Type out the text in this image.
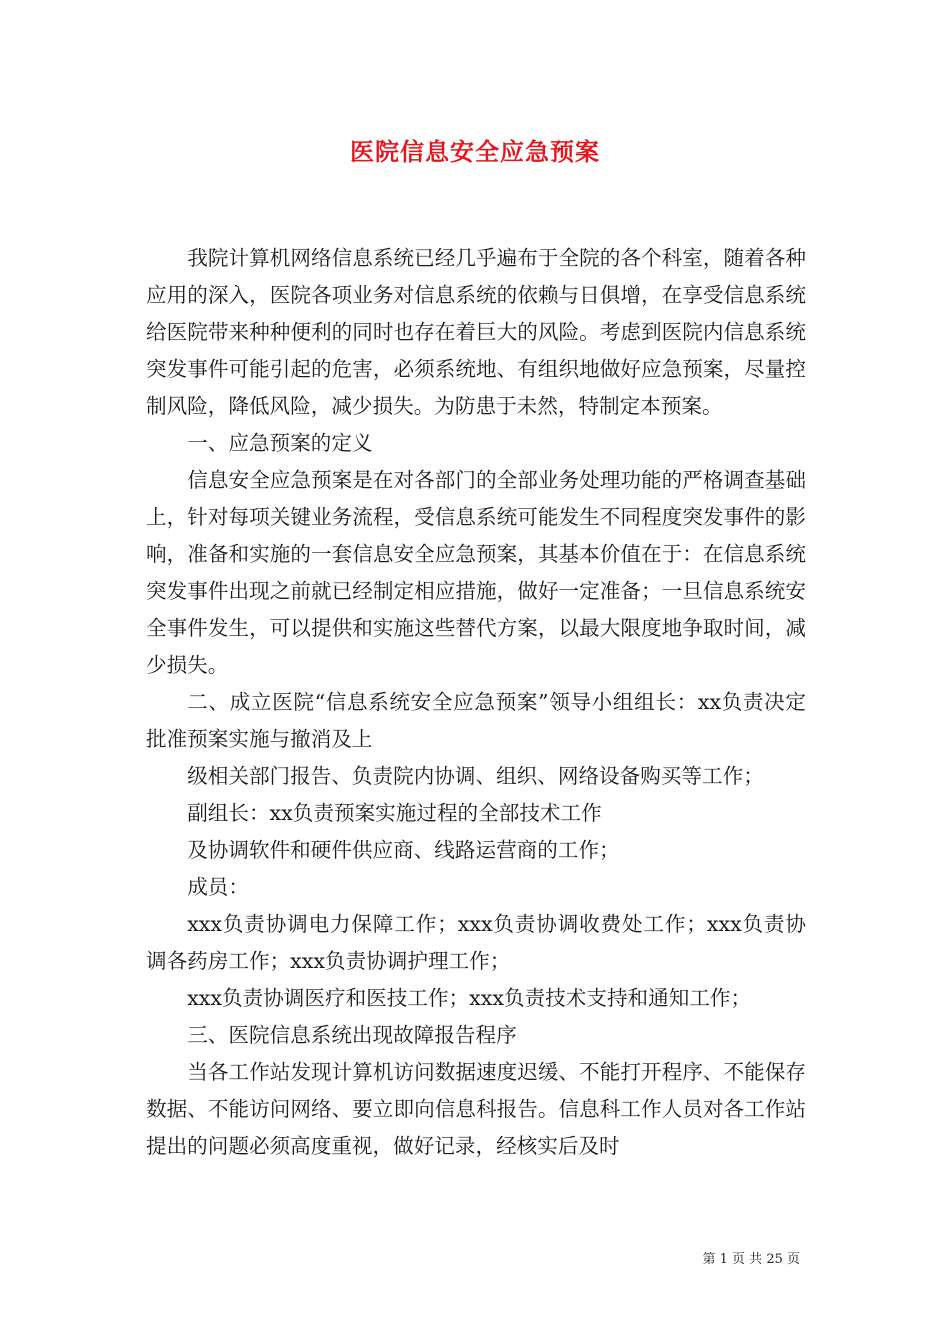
医院信息安全应急预案

我院计算机网络信息系统已经几乎遍布于全院的各个科室，随着各种应用的深入，医院各项业务对信息系统的依赖与日俱增，在享受信息系统给医院带来种种便利的同时也存在着巨大的风险。考虑到医院内信息系统突发事件可能引起的危害，必须系统地、有组织地做好应急预案，尽量控制风险，降低风险，减少损失。为防患于未然，特制定本预案。

一、应急预案的定义

信息安全应急预案是在对各部门的全部业务处理功能的严格调查基础上，针对每项关键业务流程，受信息系统可能发生不同程度突发事件的影响，准备和实施的一套信息安全应急预案，其基本价值在于：在信息系统突发事件出现之前就已经制定相应措施，做好一定准备；一旦信息系统安全事件发生，可以提供和实施这些替代方案，以最大限度地争取时间，减少损失。

二、成立医院“信息系统安全应急预案”领导小组组长：xx负责决定批准预案实施与撤消及上

级相关部门报告、负责院内协调、组织、网络设备购买等工作；

副组长：xx负责预案实施过程的全部技术工作

及协调软件和硬件供应商、线路运营商的工作；

成员：

xxx负责协调电力保障工作；xxx负责协调收费处工作；xxx负责协调各药房工作；xxx负责协调护理工作；

xxx负责协调医疗和医技工作；xxx负责技术支持和通知工作；

三、医院信息系统出现故障报告程序

当各工作站发现计算机访问数据速度迟缓、不能打开程序、不能保存数据、不能访问网络、要立即向信息科报告。信息科工作人员对各工作站提出的问题必须高度重视，做好记录，经核实后及时

第 1 页 共 25 页
